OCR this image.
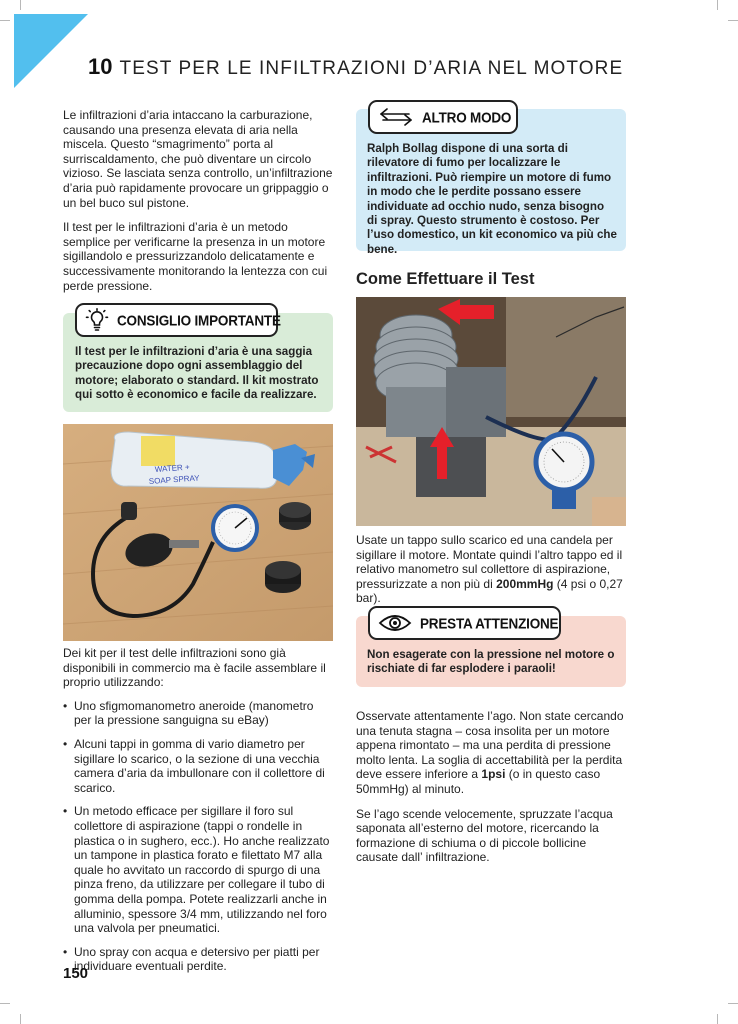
10 TEST PER LE INFILTRAZIONI D’ARIA NEL MOTORE

Le infiltrazioni d’aria intaccano la carburazione, causando una presenza elevata di aria nella miscela. Questo “smagrimento” porta al surriscaldamento, che può diventare un circolo vizioso. Se lasciata senza controllo, un’infiltrazione d’aria può rapidamente provocare un grippaggio o un bel buco sul pistone.

Il test per le infiltrazioni d’aria è un metodo semplice per verificarne la presenza in un motore sigillandolo e pressurizzandolo delicatamente e successivamente monitorando la lentezza con cui perde pressione.

CONSIGLIO IMPORTANTE
Il test per le infiltrazioni d’aria è una saggia precauzione dopo ogni assemblaggio del motore; elaborato o standard. Il kit mostrato qui sotto è economico e facile da realizzare.
WATER +
SOAP SPRAY

Dei kit per il test delle infiltrazioni sono già disponibili in commercio ma è facile assemblare il proprio utilizzando:

• Uno sfigmomanometro aneroide (manometro per la pressione sanguigna su eBay)
• Alcuni tappi in gomma di vario diametro per sigillare lo scarico, o la sezione di una vecchia camera d’aria da imbullonare con il collettore di scarico.
• Un metodo efficace per sigillare il foro sul collettore di aspirazione (tappi o rondelle in plastica o in sughero, ecc.). Ho anche realizzato un tampone in plastica forato e filettato M7 alla quale ho avvitato un raccordo di spurgo di una pinza freno, da utilizzare per collegare il tubo di gomma della pompa. Potete realizzarli anche in alluminio, spessore 3/4 mm, utilizzando nel foro una valvola per pneumatici.
• Uno spray con acqua e detersivo per piatti per individuare eventuali perdite.
ALTRO MODO
Ralph Bollag dispone di una sorta di rilevatore di fumo per localizzare le infiltrazioni. Può riempire un motore di fumo in modo che le perdite possano essere individuate ad occhio nudo, senza bisogno di spray. Questo strumento è costoso. Per l’uso domestico, un kit economico va più che bene.
Come Effettuare il Test

Usate un tappo sullo scarico ed una candela per sigillare il motore. Montate quindi l’altro tappo ed il relativo manometro sul collettore di aspirazione, pressurizzate a non più di 200mmHg (4 psi o 0,27 bar).

PRESTA ATTENZIONE
Non esagerate con la pressione nel motore o rischiate di far esplodere i paraoli!

Osservate attentamente l’ago. Non state cercando una tenuta stagna – cosa insolita per un motore appena rimontato – ma una perdita di pressione molto lenta. La soglia di accettabilità per la perdita deve essere inferiore a 1psi (o in questo caso 50mmHg) al minuto.

Se l’ago scende velocemente, spruzzate l’acqua saponata all’esterno del motore, ricercando la formazione di schiuma o di piccole bollicine causate dall’ infiltrazione.

150
